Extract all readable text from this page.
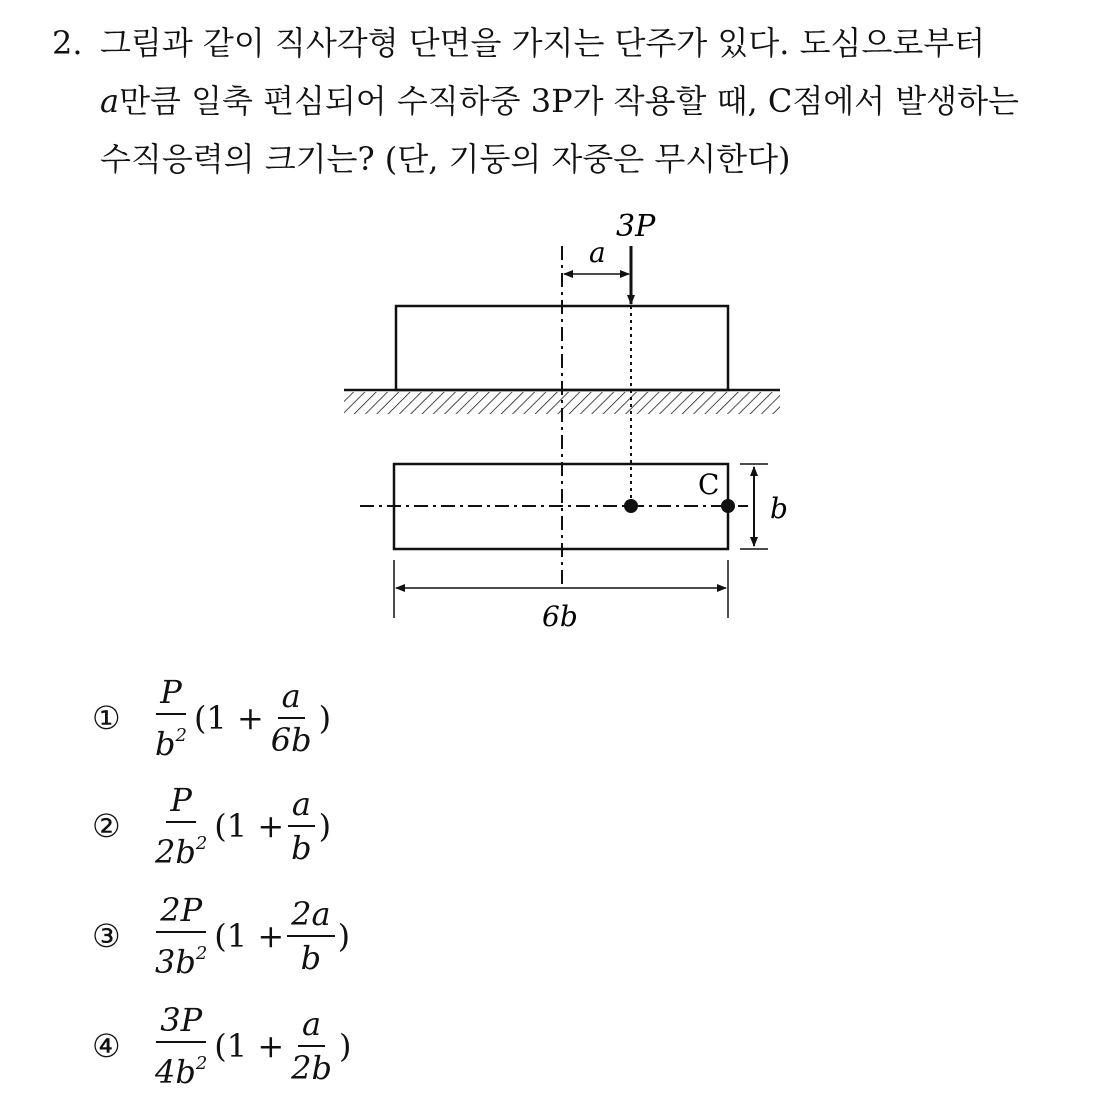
2. 그림과 같이 직사각형 단면을 가지는 단주가 있다. 도심으로부터
a만큼 일축 편심되어 수직하중 3P가 작용할 때, C점에서 발생하는
수직응력의 크기는? (단, 기둥의 자중은 무시한다)
3P
a
C
b
6b
① $\frac{P}{b^2} (1 + \frac{a}{6b}$ )
② $\frac{P}{2b^2} (1 + \frac{a}{b}$ )
③ $\frac{2P}{3b^2} (1 + \frac{2a}{b}$ )
④ $\frac{3P}{4b^2} (1 + \frac{a}{2b}$ )
